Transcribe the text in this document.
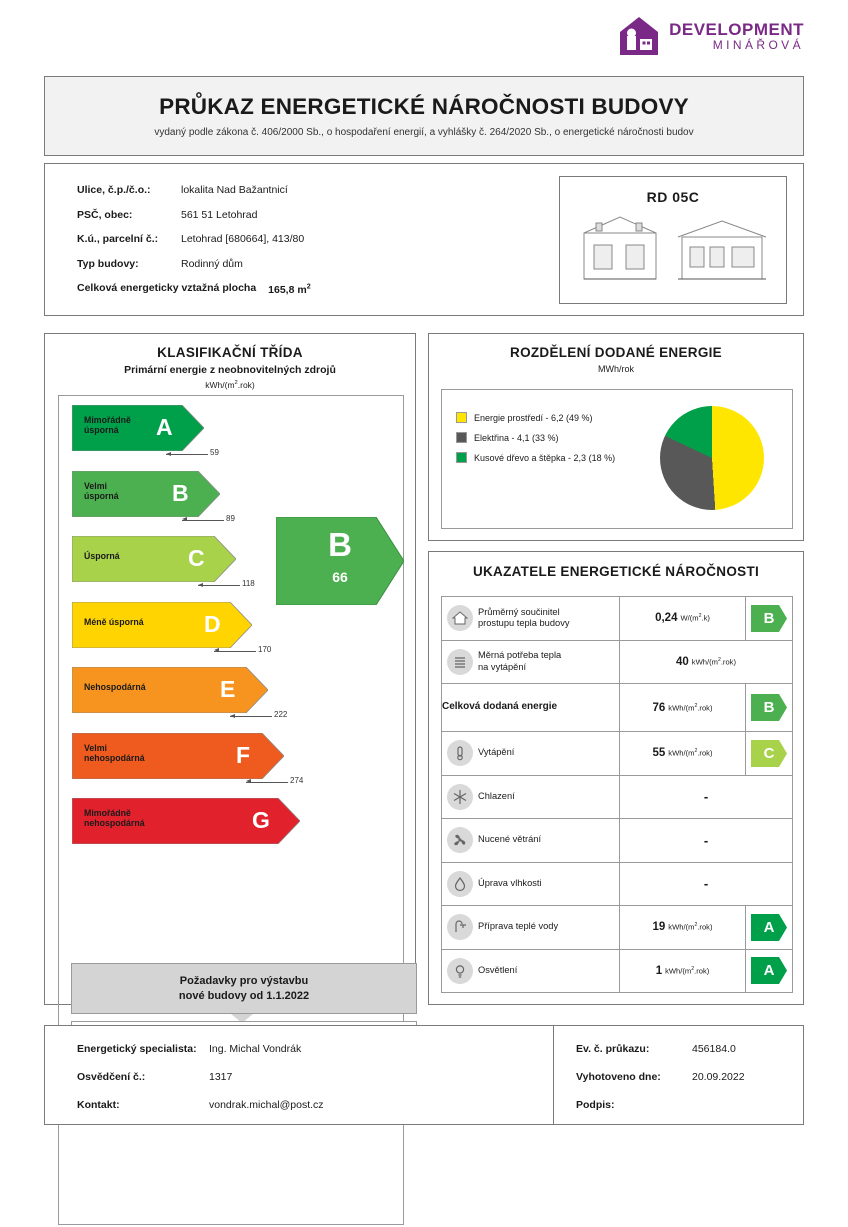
DEVELOPMENT
MINÁŘOVÁ
PRŮKAZ ENERGETICKÉ NÁROČNOSTI BUDOVY
vydaný podle zákona č. 406/2000 Sb., o hospodaření energií, a vyhlášky č. 264/2020 Sb., o energetické náročnosti budov
Ulice, č.p./č.o.:	lokalita Nad Bažantnicí
PSČ, obec:	561 51 Letohrad
K.ú., parcelní č.:	Letohrad [680664], 413/80
Typ budovy:	Rodinný dům
Celková energeticky vztažná plocha 165,8 $m^2$
RD 05C
KLASIFIKAČNÍ TŘÍDA
Primární energie z neobnovitelných zdrojů
kWh/$(m^2.rok)$
Mimořádně
úsporná	A
59
Velmi
úsporná B
89
Úsporná	C
118
Méně úsporná	D
170
Nehospodárná	E
222
Velmi
nehospodárná	F
274
Mimořádně
nehospodárná	G
B
66
Požadavky pro výstavbu
nové budovy od 1.1.2022
ROZDĚLENÍ DODANÉ ENERGIE
MWh/rok
Energie prostředí - 6,2 (49 %)
Elektřina - 4,1 (33 %)
Kusové dřevo a štěpka - 2,3 (18 %)
UKAZATELE ENERGETICKÉ NÁROČNOSTI
Průměrný součinitel
prostupu tepla budovy	0,24 $W/(m^2.k)$	B
Měrná potřeba tepla
na vytápění	40 kWh/$(m^2.rok)$
Celková dodaná energie	76 kWh/$(m^2.rok)$	B
Vytápění	55 kWh/$(m^2.rok)$	C
Chlazení	-
Nucené větrání	-
Úprava vlhkosti	-
Příprava teplé vody	19 kWh/$(m^2.rok)$	A
Osvětlení	1 kWh/$(m^2.rok)$	A
Energetický specialista:	Ing. Michal Vondrák
Osvědčení č.:	1317
Kontakt:	vondrak.michal@post.cz
Ev. č. průkazu:	456184.0
Vyhotoveno dne:	20.09.2022
Podpis:
